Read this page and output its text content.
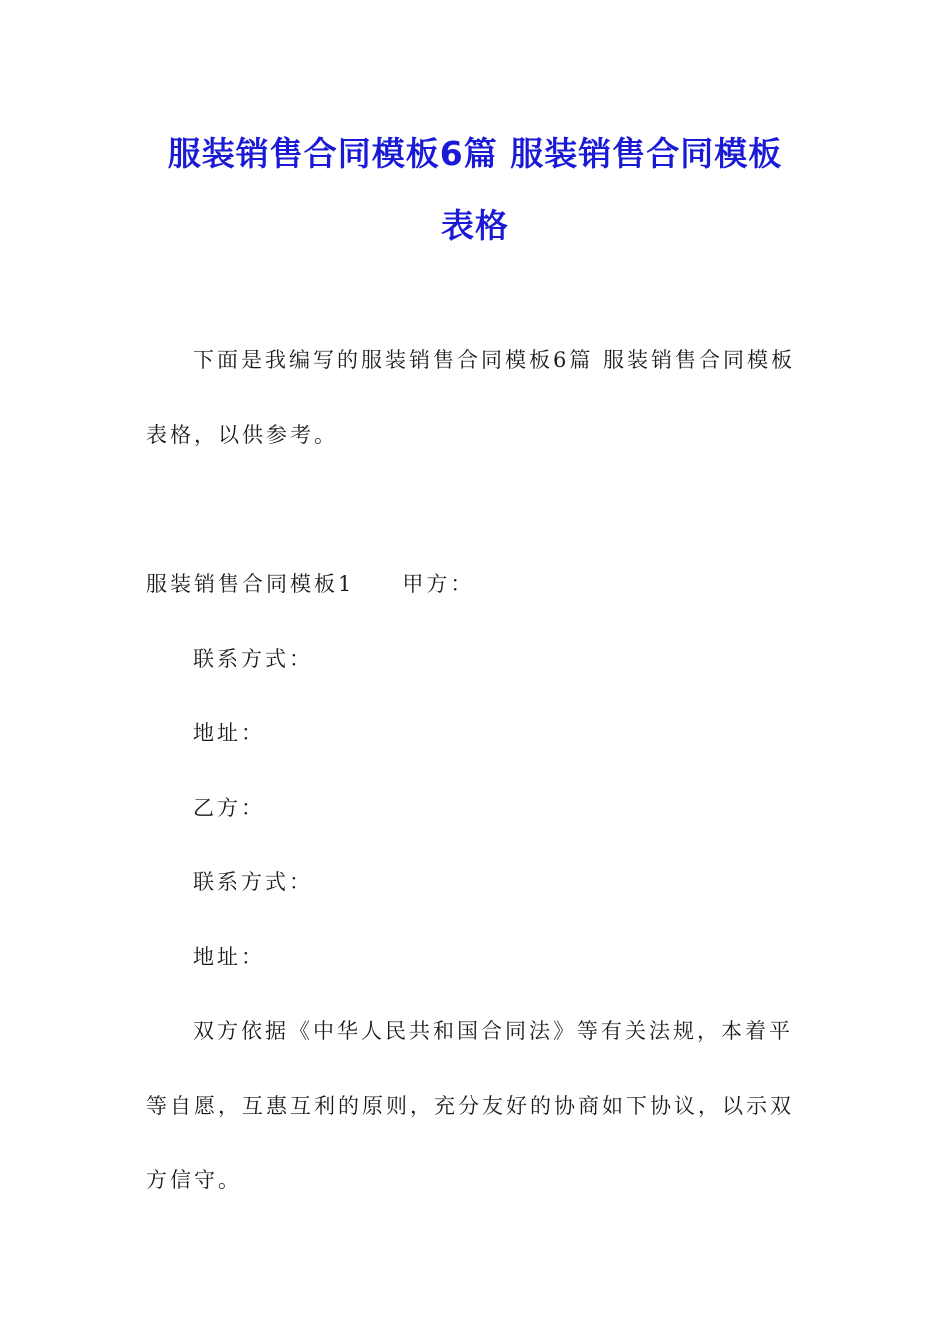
服装销售合同模板6篇 服装销售合同模板
表格
下面是我编写的服装销售合同模板6篇 服装销售合同模板
表格，以供参考。
服装销售合同模板1 甲方：
联系方式：
地址：
乙方：
联系方式：
地址：
双方依据《中华人民共和国合同法》等有关法规，本着平
等自愿，互惠互利的原则，充分友好的协商如下协议，以示双
方信守。
